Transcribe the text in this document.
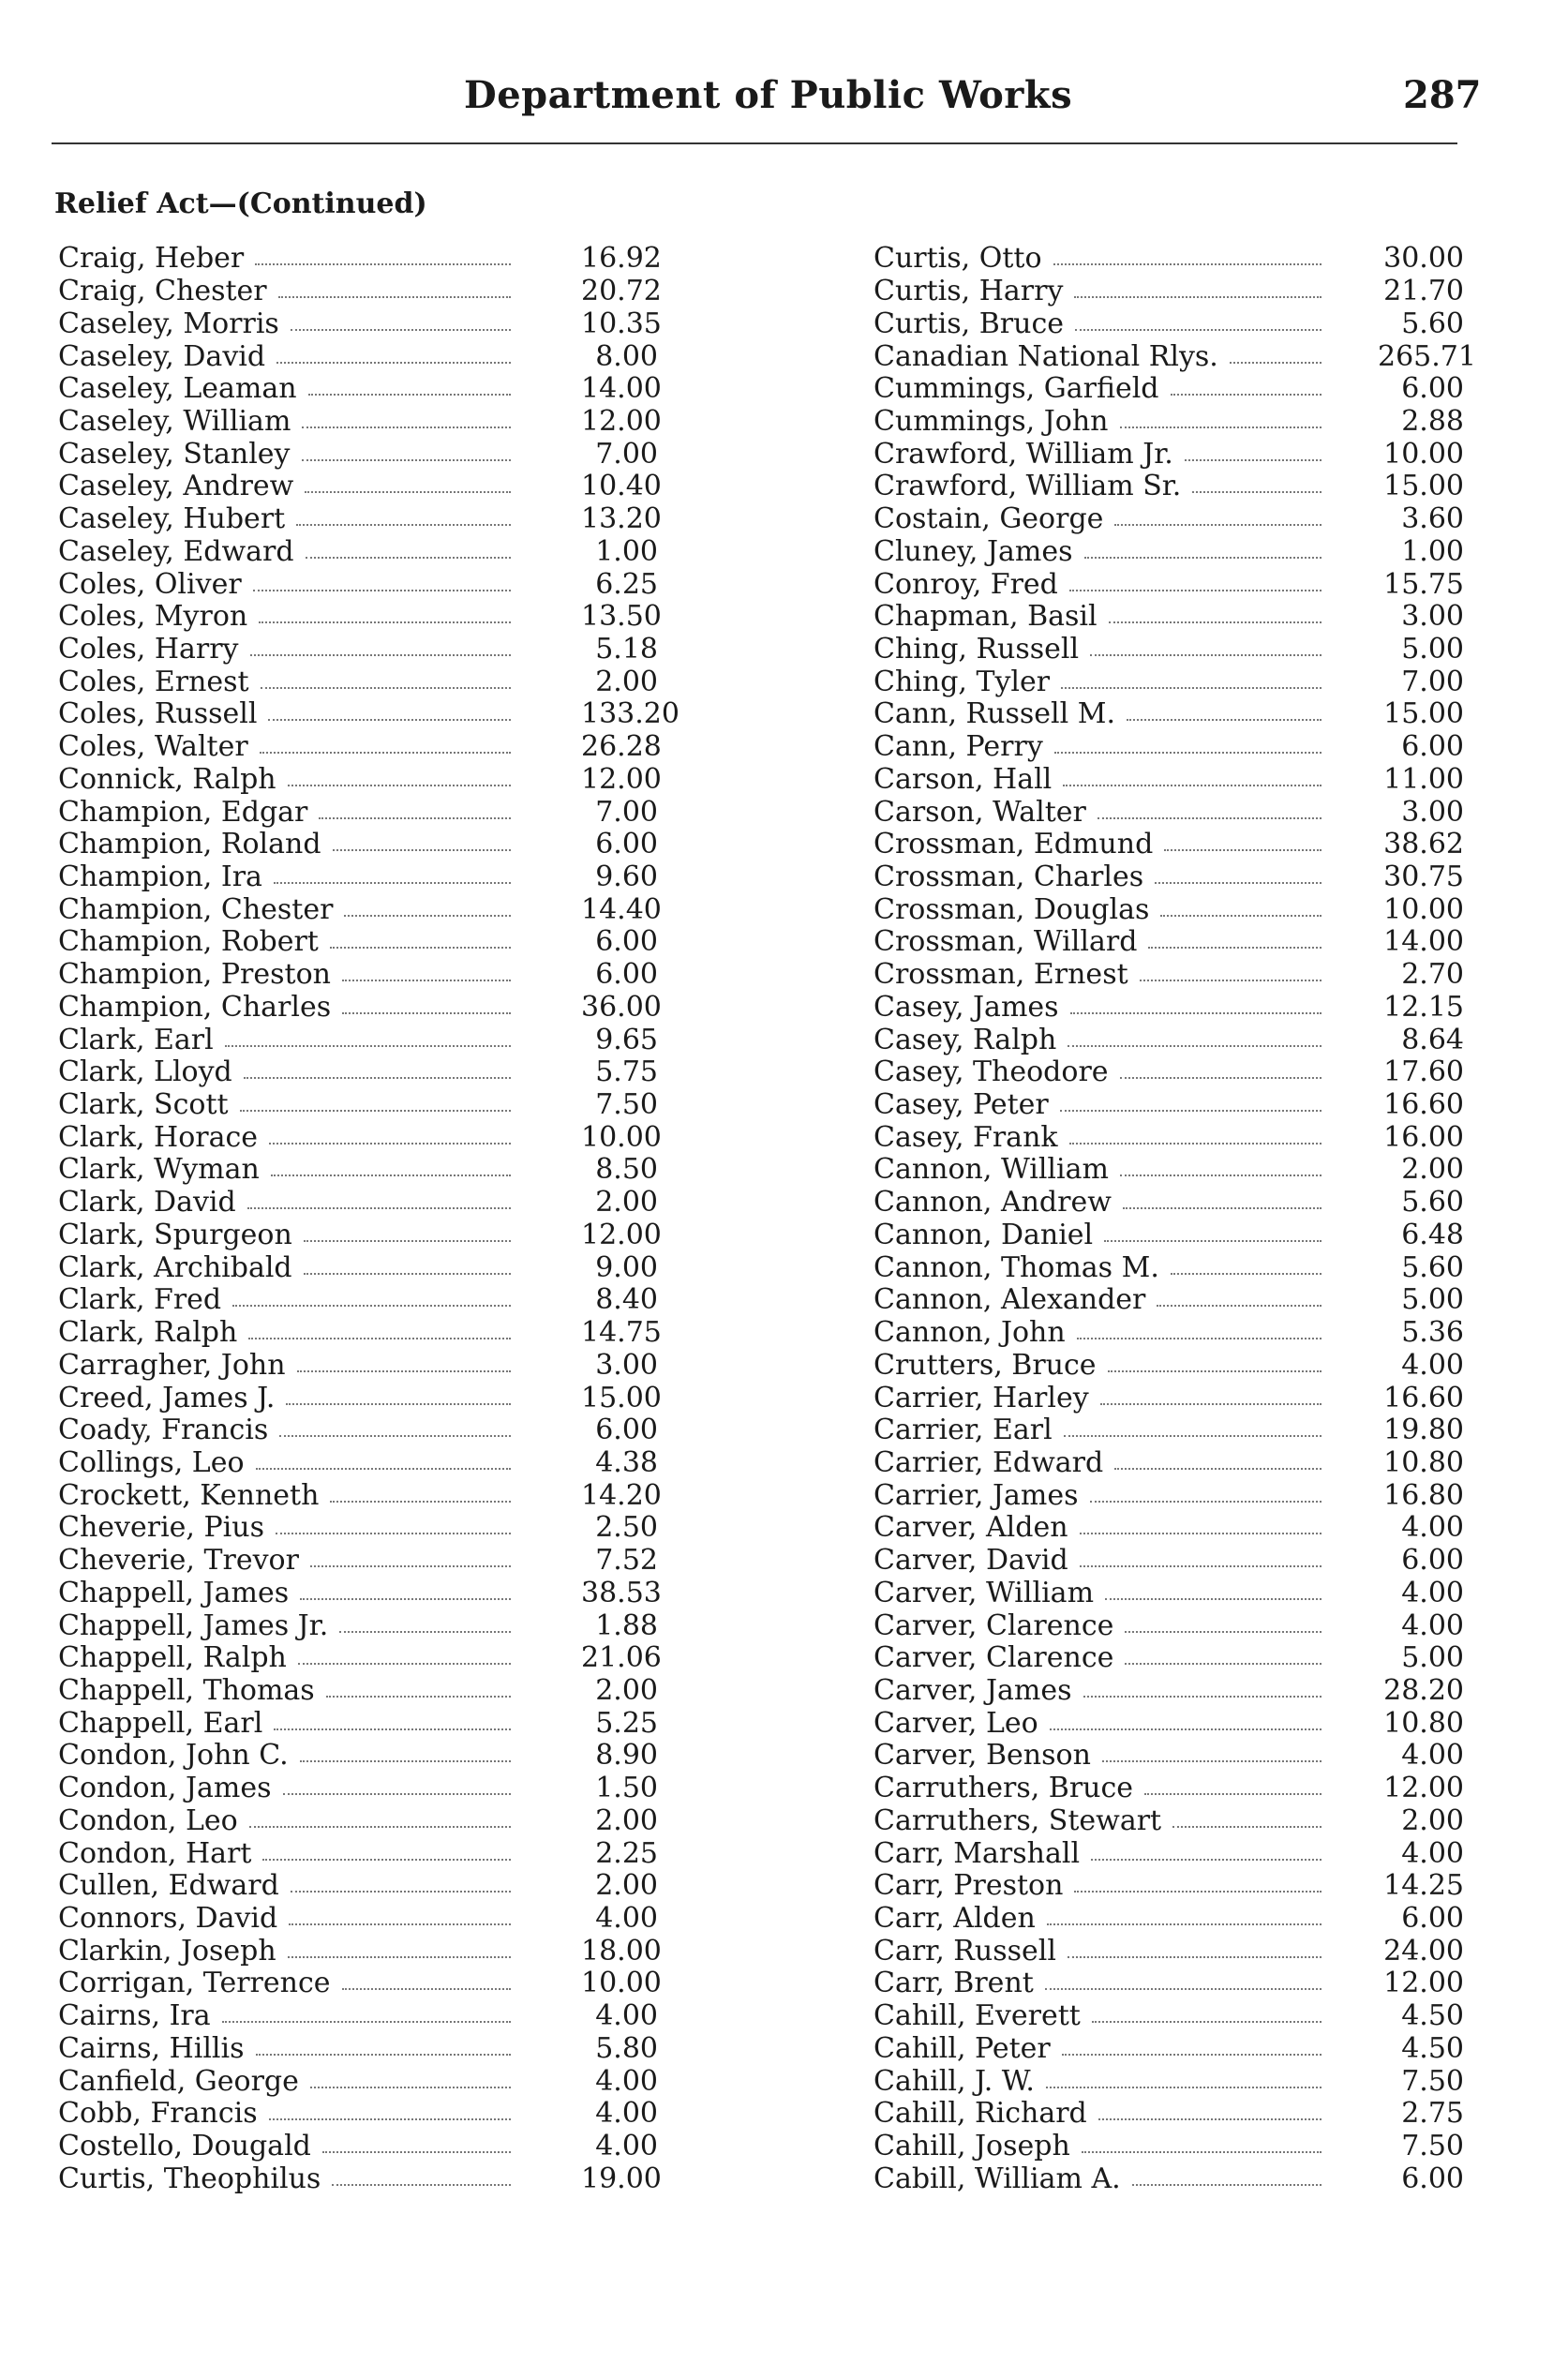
Department of Public Works	287
Relief Act—(Continued)
Craig, Heber	16.92
Craig, Chester	20.72
Caseley, Morris	10.35
Caseley, David	8.00
Caseley, Leaman	14.00
Caseley, William	12.00
Caseley, Stanley	7.00
Caseley, Andrew	10.40
Caseley, Hubert	13.20
Caseley, Edward	1.00
Coles, Oliver	6.25
Coles, Myron	13.50
Coles, Harry	5.18
Coles, Ernest	2.00
Coles, Russell	133.20
Coles, Walter	26.28
Connick, Ralph	12.00
Champion, Edgar	7.00
Champion, Roland	6.00
Champion, Ira	9.60
Champion, Chester	14.40
Champion, Robert	6.00
Champion, Preston	6.00
Champion, Charles	36.00
Clark, Earl	9.65
Clark, Lloyd	5.75
Clark, Scott	7.50
Clark, Horace	10.00
Clark, Wyman	8.50
Clark, David	2.00
Clark, Spurgeon	12.00
Clark, Archibald	9.00
Clark, Fred	8.40
Clark, Ralph	14.75
Carragher, John	3.00
Creed, James J.	15.00
Coady, Francis	6.00
Collings, Leo	4.38
Crockett, Kenneth	14.20
Cheverie, Pius	2.50
Cheverie, Trevor	7.52
Chappell, James	38.53
Chappell, James Jr.	1.88
Chappell, Ralph	21.06
Chappell, Thomas	2.00
Chappell, Earl	5.25
Condon, John C.	8.90
Condon, James	1.50
Condon, Leo	2.00
Condon, Hart	2.25
Cullen, Edward	2.00
Connors, David	4.00
Clarkin, Joseph	18.00
Corrigan, Terrence	10.00
Cairns, Ira	4.00
Cairns, Hillis	5.80
Canfield, George	4.00
Cobb, Francis	4.00
Costello, Dougald	4.00
Curtis, Theophilus	19.00
Curtis, Otto	30.00
Curtis, Harry	21.70
Curtis, Bruce	5.60
Canadian National Rlys.	265.71
Cummings, Garfield	6.00
Cummings, John	2.88
Crawford, William Jr.	10.00
Crawford, William Sr.	15.00
Costain, George	3.60
Cluney, James	1.00
Conroy, Fred	15.75
Chapman, Basil	3.00
Ching, Russell	5.00
Ching, Tyler	7.00
Cann, Russell M.	15.00
Cann, Perry	6.00
Carson, Hall	11.00
Carson, Walter	3.00
Crossman, Edmund	38.62
Crossman, Charles	30.75
Crossman, Douglas	10.00
Crossman, Willard	14.00
Crossman, Ernest	2.70
Casey, James	12.15
Casey, Ralph	8.64
Casey, Theodore	17.60
Casey, Peter	16.60
Casey, Frank	16.00
Cannon, William	2.00
Cannon, Andrew	5.60
Cannon, Daniel	6.48
Cannon, Thomas M.	5.60
Cannon, Alexander	5.00
Cannon, John	5.36
Crutters, Bruce	4.00
Carrier, Harley	16.60
Carrier, Earl	19.80
Carrier, Edward	10.80
Carrier, James	16.80
Carver, Alden	4.00
Carver, David	6.00
Carver, William	4.00
Carver, Clarence	4.00
Carver, Clarence	5.00
Carver, James	28.20
Carver, Leo	10.80
Carver, Benson	4.00
Carruthers, Bruce	12.00
Carruthers, Stewart	2.00
Carr, Marshall	4.00
Carr, Preston	14.25
Carr, Alden	6.00
Carr, Russell	24.00
Carr, Brent	12.00
Cahill, Everett	4.50
Cahill, Peter	4.50
Cahill, J. W.	7.50
Cahill, Richard	2.75
Cahill, Joseph	7.50
Cabill, William A.	6.00
